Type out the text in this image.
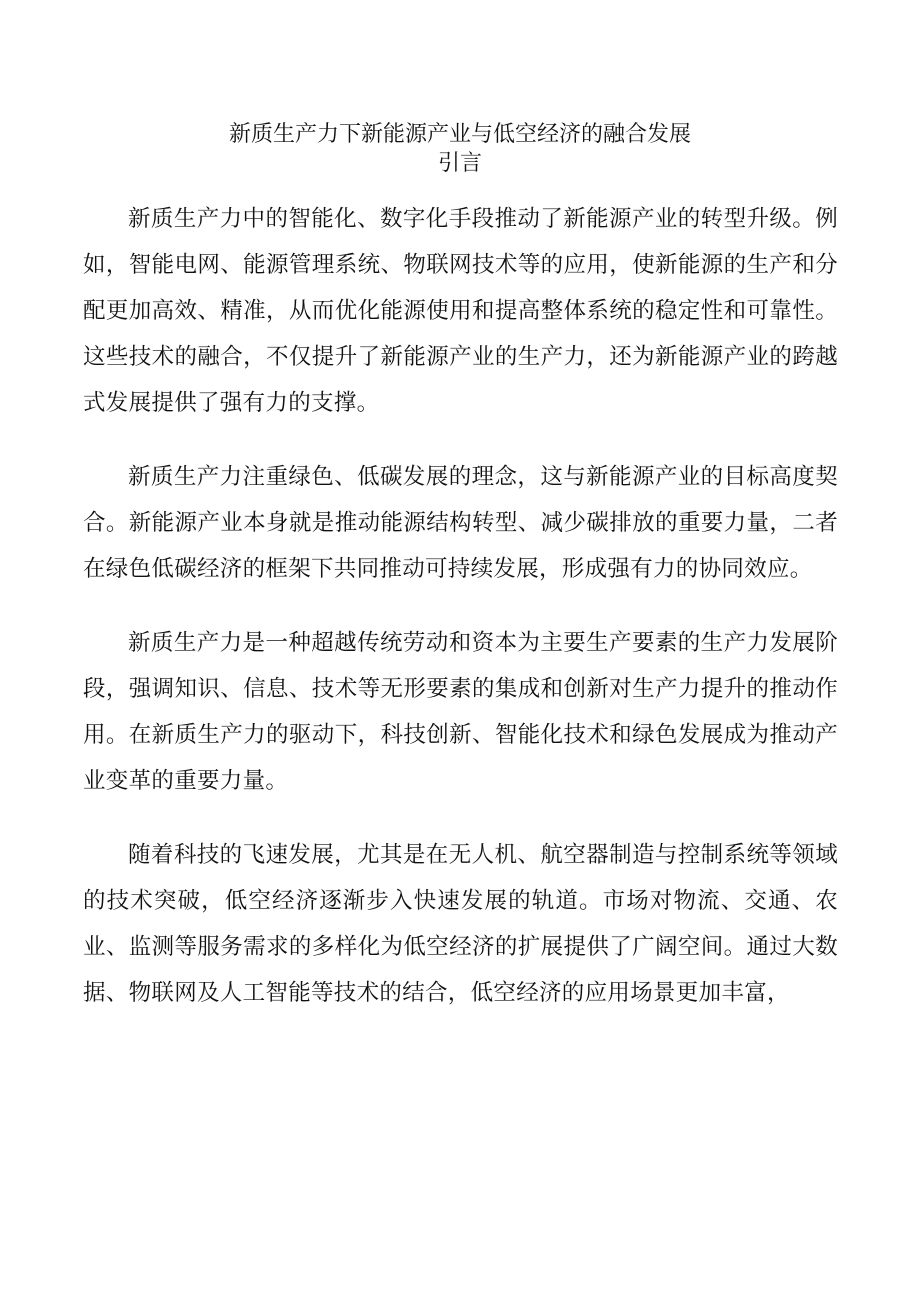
新质生产力下新能源产业与低空经济的融合发展
引言

新质生产力中的智能化、数字化手段推动了新能源产业的转型升级。例如，智能电网、能源管理系统、物联网技术等的应用，使新能源的生产和分配更加高效、精准，从而优化能源使用和提高整体系统的稳定性和可靠性。这些技术的融合，不仅提升了新能源产业的生产力，还为新能源产业的跨越式发展提供了强有力的支撑。

新质生产力注重绿色、低碳发展的理念，这与新能源产业的目标高度契合。新能源产业本身就是推动能源结构转型、减少碳排放的重要力量，二者在绿色低碳经济的框架下共同推动可持续发展，形成强有力的协同效应。

新质生产力是一种超越传统劳动和资本为主要生产要素的生产力发展阶段，强调知识、信息、技术等无形要素的集成和创新对生产力提升的推动作用。在新质生产力的驱动下，科技创新、智能化技术和绿色发展成为推动产业变革的重要力量。

随着科技的飞速发展，尤其是在无人机、航空器制造与控制系统等领域的技术突破，低空经济逐渐步入快速发展的轨道。市场对物流、交通、农业、监测等服务需求的多样化为低空经济的扩展提供了广阔空间。通过大数据、物联网及人工智能等技术的结合，低空经济的应用场景更加丰富，
